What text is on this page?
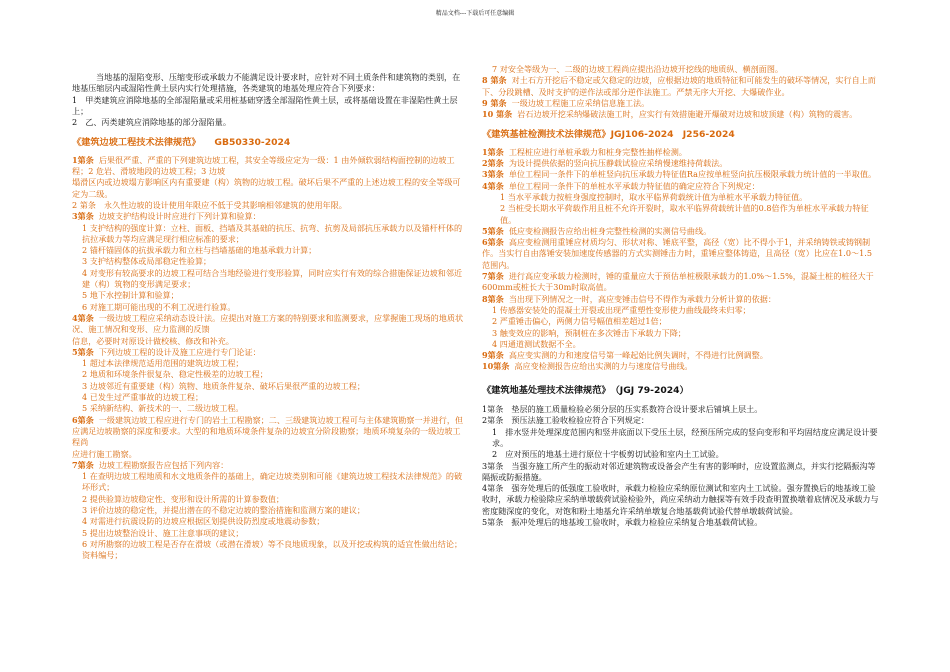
精品文档---下载后可任意编辑

当地基的湿陷变形、压缩变形或承载力不能满足设计要求时，应针对不同土质条件和建筑物的类别，在地基压缩层内或湿陷性黄土层内实行处理措施，各类建筑的地基处理应符合下列要求：

1　甲类建筑应消除地基的全部湿陷量或采用桩基础穿透全部湿陷性黄土层，或将基础设置在非湿陷性黄土层上；

2　乙、丙类建筑应消除地基的部分湿陷量。

《建筑边坡工程技术法律规范》　　GB50330-2024

1第条 后果很严重、严重的下列建筑边坡工程，其安全等级应定为一级：1 由外倾软弱结构面控制的边坡工程；2 危岩、滑坡地段的边坡工程；3 边坡

塌滑区内或边坡塌方影响区内有重要建（构）筑物的边坡工程。破坏后果不严重的上述边坡工程的安全等级可定为二级。

2 第条　永久性边坡的设计使用年限应不低于受其影响相邻建筑的使用年限。

3第条 边坡支护结构设计时应进行下列计算和验算：

1 支护结构的强度计算：立柱、面板、挡墙及其基础的抗压、抗弯、抗剪及局部抗压承载力以及锚杆杆体的抗拉承载力等均应满足现行相应标准的要求；

2 锚杆锚固体的抗拔承载力和立柱与挡墙基础的地基承载力计算；

3 支护结构整体或局部稳定性验算；

4 对变形有较高要求的边坡工程可结合当地经验进行变形验算，同时应实行有效的综合措施保证边坡和邻近建（构）筑物的变形满足要求；

5 地下水控制计算和验算；

6 对施工期可能出现的不利工况进行验算。

4第条 一级边坡工程应采纳动态设计法。应提出对施工方案的特别要求和监测要求，应掌握施工现场的地质状况、施工情况和变形、应力监测的反馈

信息，必要时对原设计做校核、修改和补充。

5第条 下列边坡工程的设计及施工应进行专门论证：

1 超过本法律规范适用范围的建筑边坡工程；

2 地质和环境条件很复杂、稳定性极差的边坡工程；

3 边坡邻近有重要建（构）筑物、地质条件复杂、破坏后果很严重的边坡工程；

4 已发生过严重事故的边坡工程；

5 采纳新结构、新技术的一、二级边坡工程。

6第条 一级建筑边坡工程应进行专门的岩土工程勘察；二、三级建筑边坡工程可与主体建筑勘察一并进行，但应满足边坡勘察的深度和要求。大型的和地质环境条件复杂的边坡宜分阶段勘察；地质环境复杂的一级边坡工程尚

应进行施工勘察。

7第条 边坡工程勘察报告应包括下列内容：

1 在查明边坡工程地质和水文地质条件的基础上，确定边坡类别和可能《建筑边坡工程技术法律规范》的破坏形式；

2 提供验算边坡稳定性、变形和设计所需的计算参数值；

3 评价边坡的稳定性，并提出潜在的不稳定边坡的整治措施和监测方案的建议；

4 对需进行抗震设防的边坡应根据区划提供设防烈度或地震动参数；

5 提出边坡整治设计、施工注意事项的建议；

6 对所勘察的边坡工程是否存在滑坡（或潜在滑坡）等不良地质现象，以及开挖或构筑的适宜性做出结论；资料编号；

7 对安全等级为一、二级的边坡工程尚应提出沿边坡开挖线的地质纵、横剖面图。

8 第条 对土石方开挖后不稳定或欠稳定的边坡，应根据边坡的地质特征和可能发生的破坏等情况，实行自上而下、分段跳槽、及时支护的逆作法或部分逆作法施工。严禁无序大开挖、大爆破作业。

9 第条 一级边坡工程施工应采纳信息施工法。

10 第条 岩石边坡开挖采纳爆破法施工时，应实行有效措施避开爆破对边坡和坡顶建（构）筑物的震害。

《建筑基桩检测技术法律规范》JGJ106-2024　J256-2024

1第条 工程桩应进行单桩承载力和桩身完整性抽样检测。

2第条 为设计提供依据的竖向抗压静载试验应采纳慢速维持荷载法。

3第条 单位工程同一条件下的单桩竖向抗压承载力特征值Ra应按单桩竖向抗压极限承载力统计值的一半取值。

4第条 单位工程同一条件下的单桩水平承载力特征值的确定应符合下列规定：

1 当水平承载力按桩身强度控制时，取水平临界荷载统计值为单桩水平承载力特征值。

2 当桩受长期水平荷载作用且桩不允许开裂时，取水平临界荷载统计值的0.8倍作为单桩水平承载力特征值。

5第条 低应变检测报告应给出桩身完整性检测的实测信号曲线。

6第条 高应变检测用重锤应材质均匀、形状对称、锤底平整，高径（宽）比不得小于1，并采纳铸铁或铸钢制作。当实行自由落锤安装加速度传感器的方式实测锤击力时，重锤应整体铸造，且高径（宽）比应在1.0～1.5范围内。

7第条 进行高应变承载力检测时，锤的重量应大于预估单桩极限承载力的1.0%～1.5%，混凝土桩的桩径大于600mm或桩长大于30m时取高值。

8第条 当出现下列情况之一时，高应变锤击信号不得作为承载力分析计算的依据：

1 传感器安装处的混凝土开裂或出现严重塑性变形使力曲线最终未归零；

2 严重锤击偏心，两侧力信号幅值相差超过1倍；

3 触变效应的影响，预制桩在多次锤击下承载力下降；

4 四通道测试数据不全。

9第条 高应变实测的力和速度信号第一峰起始比例失调时，不得进行比例调整。

10第条 高应变检测报告应给出实测的力与速度信号曲线。

《建筑地基处理技术法律规范》　（JGJ 79-2024）

1第条　垫层的施工质量检验必须分层的压实系数符合设计要求后铺填上层土。

2第条　预压法施工验收检验应符合下列规定：

1　排水竖井处理深度范围内和竖井底面以下受压土层，经预压所完成的竖向变形和平均固结度应满足设计要求。

2　应对预压的地基土进行原位十字板剪切试验和室内土工试验。

3第条　当强夯施工所产生的振动对邻近建筑物或设备会产生有害的影响时，应设置监测点，并实行挖隔振沟等隔振或防振措施。

4第条　强夯处理后的低强度工验收时，承载力检验应采纳原位测试和室内土工试验。强夯置换后的地基竣工验收时，承载力检验除应采纳单墩载荷试验检验外，尚应采纳动力触探等有效手段查明置换墩着底情况及承载力与密度随深度的变化，对饱和粉土地基允许采纳单墩复合地基载荷试验代替单墩载荷试验。

5第条　振冲处理后的地基竣工验收时，承载力检验应采纳复合地基载荷试验。
